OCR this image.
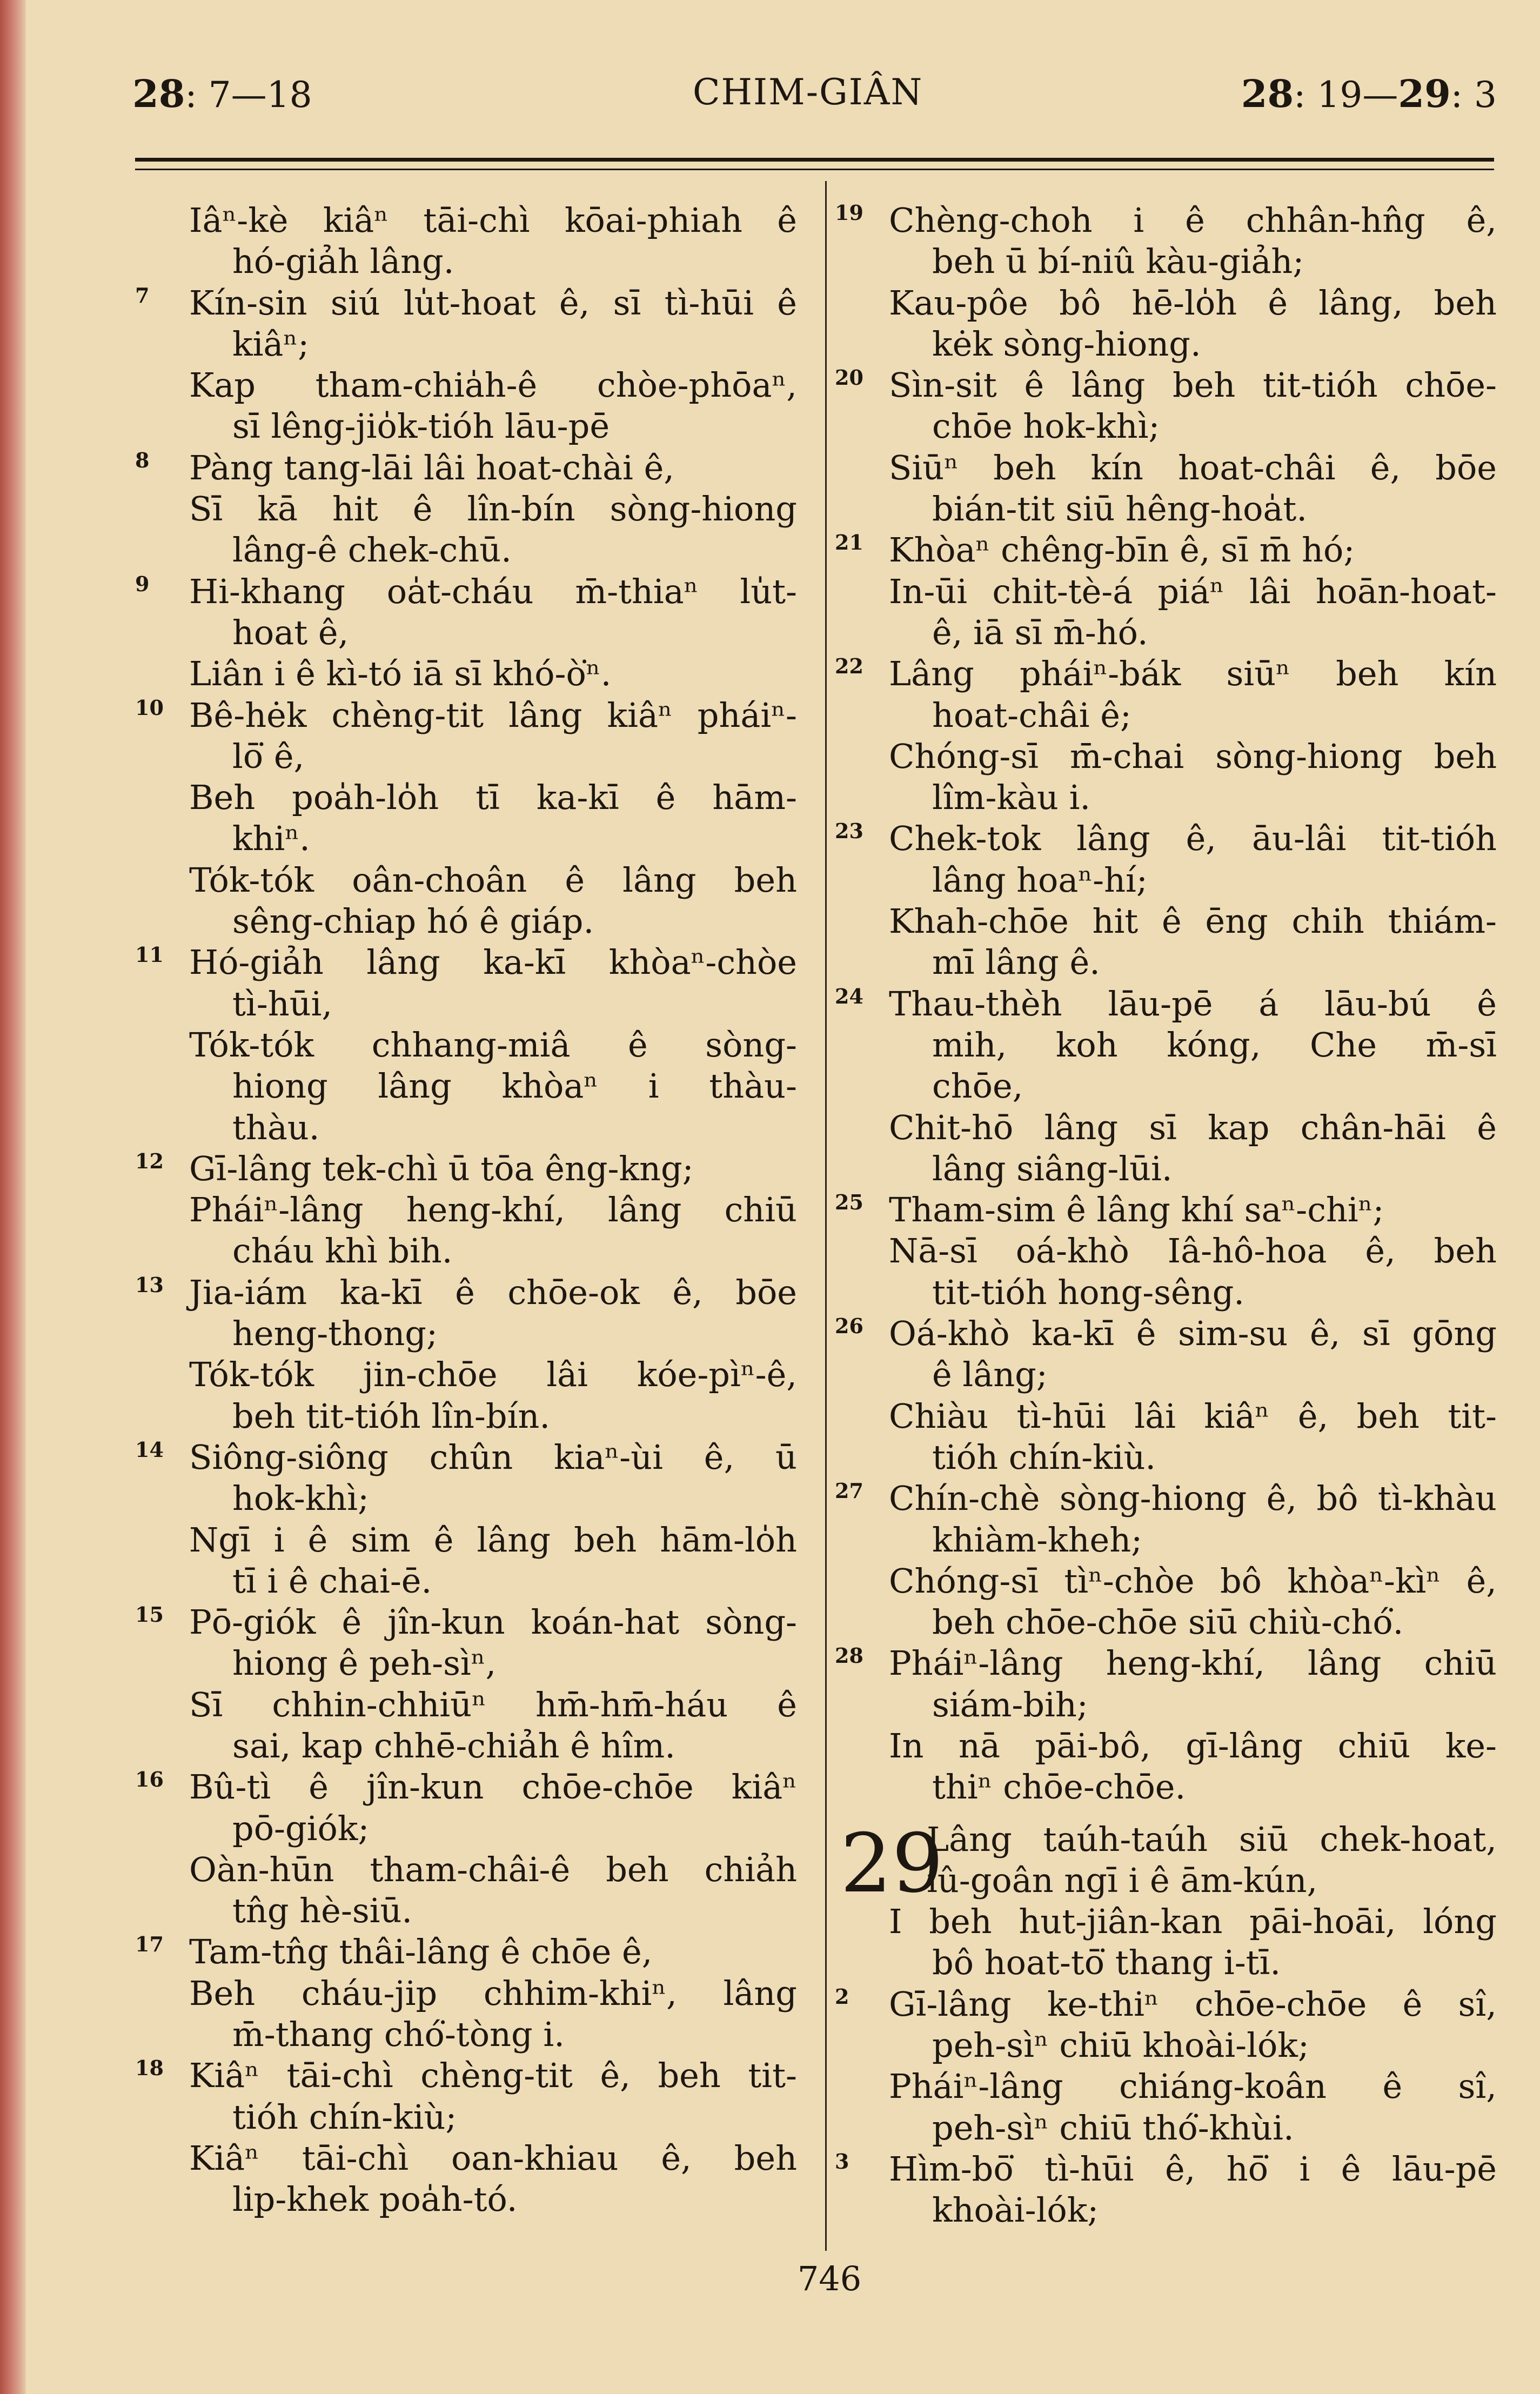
28: 7—18	CHIM-GIÂN	28: 19—29: 3
Iâⁿ-kè kiâⁿ tāi-chì kōai-phiah ê
hó-giảh lâng.
7 Kín-sin siú lu̍t-hoat ê, sī tì-hūi ê
kiâⁿ;
Kap tham-chia̍h-ê chòe-phōaⁿ,
sī lêng-jio̍k-tióh lāu-pē
8 Pàng tang-lāi lâi hoat-chài ê,
Sī kā hit ê lîn-bín sòng-hiong
lâng-ê chek-chū.
9 Hi-khang oa̍t-cháu m̄-thiaⁿ lu̍t-
hoat ê,
Liân i ê kì-tó iā sī khó-ò͘ⁿ.
10 Bê-hėk chèng-tit lâng kiâⁿ pháiⁿ-
lō͘ ê,
Beh poa̍h-lo̍h tī ka-kī ê hām-
khiⁿ.
Tók-tók oân-choân ê lâng beh
sêng-chiap hó ê giáp.
11 Hó-giảh lâng ka-kī khòaⁿ-chòe
tì-hūi,
Tók-tók chhang-miâ ê sòng-
hiong lâng khòaⁿ i thàu-
thàu.
12 Gī-lâng tek-chì ū tōa êng-kng;
Pháiⁿ-lâng heng-khí, lâng chiū
cháu khì bih.
13 Jia-iám ka-kī ê chōe-ok ê, bōe
heng-thong;
Tók-tók jin-chōe lâi kóe-pìⁿ-ê,
beh tit-tióh lîn-bín.
14 Siông-siông chûn kiaⁿ-ùi ê, ū
hok-khì;
Ngī i ê sim ê lâng beh hām-lo̍h
tī i ê chai-ē.
15 Pō-giók ê jîn-kun koán-hat sòng-
hiong ê peh-sìⁿ,
Sī chhin-chhiūⁿ hm̄-hm̄-háu ê
sai, kap chhē-chiảh ê hîm.
16 Bû-tì ê jîn-kun chōe-chōe kiâⁿ
pō-giók;
Oàn-hūn tham-châi-ê beh chiảh
tn̂g hè-siū.
17 Tam-tn̂g thâi-lâng ê chōe ê,
Beh cháu-jip chhim-khiⁿ, lâng
m̄-thang chó͘-tòng i.
18 Kiâⁿ tāi-chì chèng-tit ê, beh tit-
tióh chín-kiù;
Kiâⁿ tāi-chì oan-khiau ê, beh
lip-khek poa̍h-tó.
19 Chèng-choh i ê chhân-hn̂g ê,
beh ū bí-niû kàu-giảh;
Kau-pôe bô hē-lo̍h ê lâng, beh
kėk sòng-hiong.
20 Sìn-sit ê lâng beh tit-tióh chōe-
chōe hok-khì;
Siūⁿ beh kín hoat-châi ê, bōe
bián-tit siū hêng-hoa̍t.
21 Khòaⁿ chêng-bīn ê, sī m̄ hó;
In-ūi chit-tè-á piáⁿ lâi hoān-hoat-
ê, iā sī m̄-hó.
22 Lâng pháiⁿ-bák siūⁿ beh kín
hoat-châi ê;
Chóng-sī m̄-chai sòng-hiong beh
lîm-kàu i.
23 Chek-tok lâng ê, āu-lâi tit-tióh
lâng hoaⁿ-hí;
Khah-chōe hit ê ēng chih thiám-
mī lâng ê.
24 Thau-thèh lāu-pē á lāu-bú ê
mih, koh kóng, Che m̄-sī
chōe,
Chit-hō lâng sī kap chân-hāi ê
lâng siâng-lūi.
25 Tham-sim ê lâng khí saⁿ-chiⁿ;
Nā-sī oá-khò Iâ-hô-hoa ê, beh
tit-tióh hong-sêng.
26 Oá-khò ka-kī ê sim-su ê, sī gōng
ê lâng;
Chiàu tì-hūi lâi kiâⁿ ê, beh tit-
tióh chín-kiù.
27 Chín-chè sòng-hiong ê, bô tì-khàu
khiàm-kheh;
Chóng-sī tìⁿ-chòe bô khòaⁿ-kìⁿ ê,
beh chōe-chōe siū chiù-chó͘.
28 Pháiⁿ-lâng heng-khí, lâng chiū
siám-bih;
In nā pāi-bô, gī-lâng chiū ke-
thiⁿ chōe-chōe.
29
Lâng taúh-taúh siū chek-hoat,
iû-goân ngī i ê ām-kún,
I beh hut-jiân-kan pāi-hoāi, lóng
bô hoat-tō͘ thang i-tī.
2 Gī-lâng ke-thiⁿ chōe-chōe ê sî,
peh-sìⁿ chiū khoài-lók;
Pháiⁿ-lâng chiáng-koân ê sî,
peh-sìⁿ chiū thó͘-khùi.
3 Hìm-bō͘ tì-hūi ê, hō͘ i ê lāu-pē
khoài-lók;
746
